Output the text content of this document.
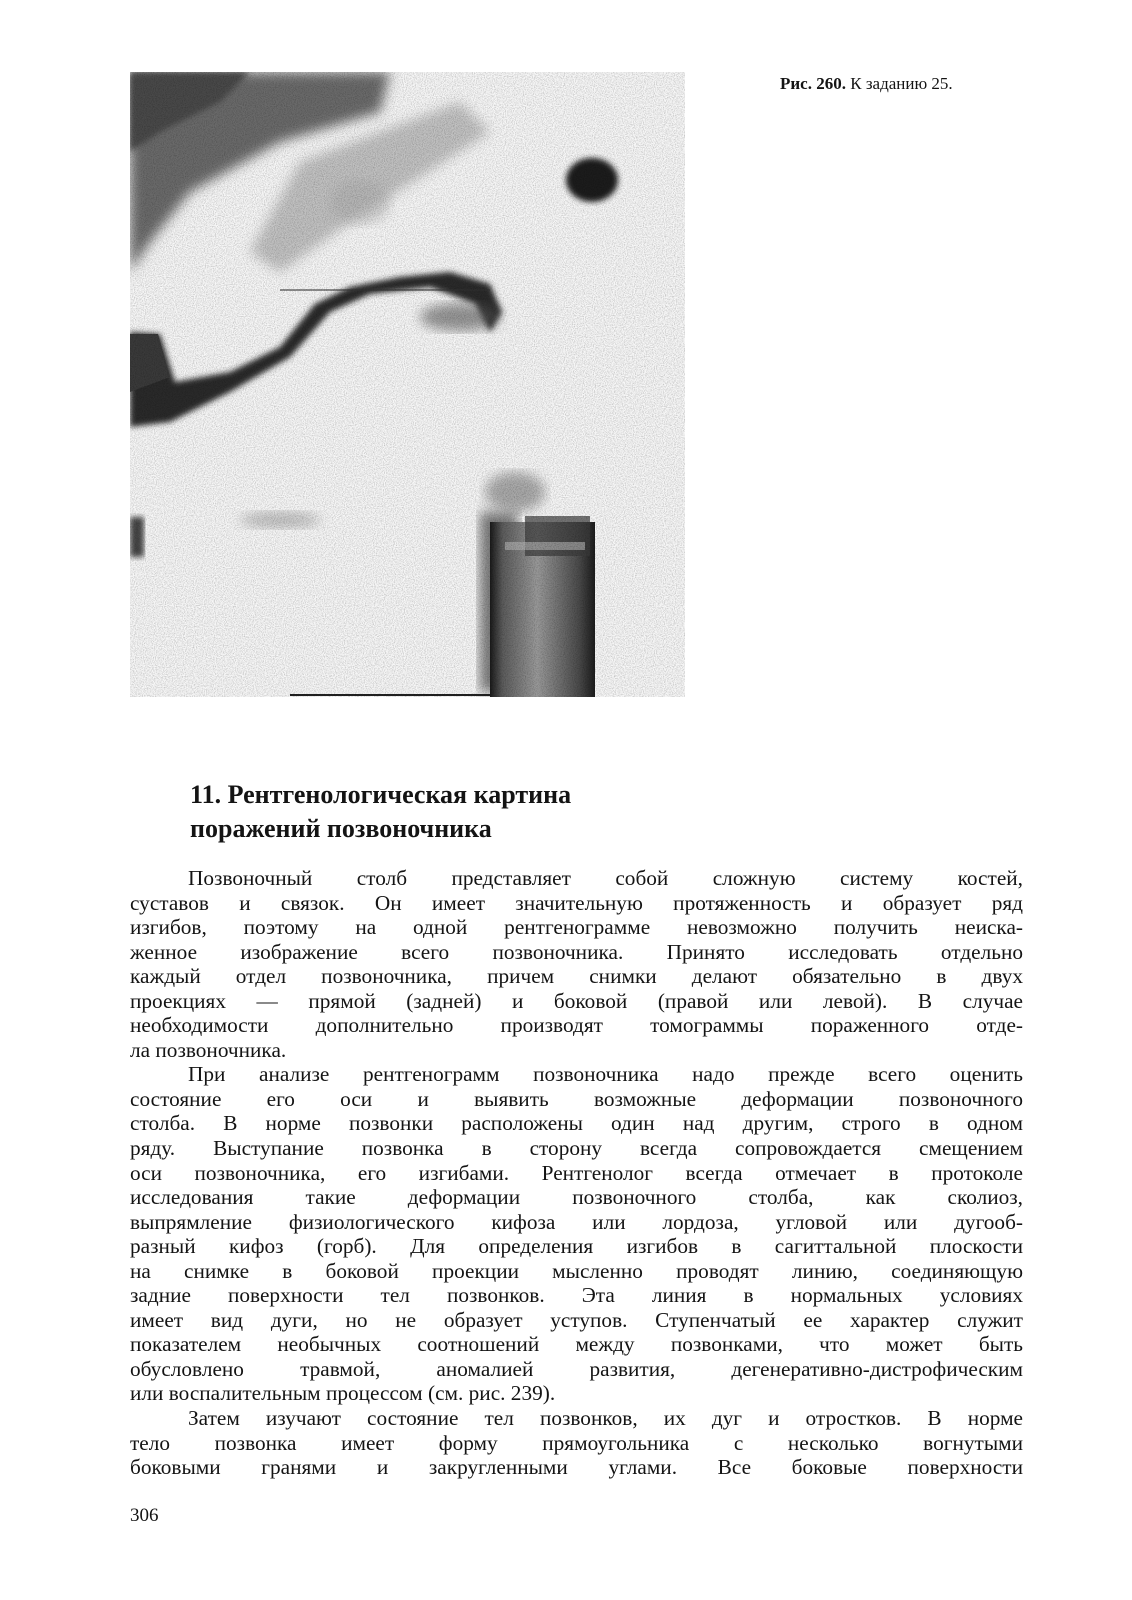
Рис. 260. К заданию 25.
11. Рентгенологическая картина
поражений позвоночника
Позвоночный столб представляет собой сложную систему костей,
суставов и связок. Он имеет значительную протяженность и образует ряд
изгибов, поэтому на одной рентгенограмме невозможно получить неиска-
женное изображение всего позвоночника. Принято исследовать отдельно
каждый отдел позвоночника, причем снимки делают обязательно в двух
проекциях — прямой (задней) и боковой (правой или левой). В случае
необходимости дополнительно производят томограммы пораженного отде-
ла позвоночника.
При анализе рентгенограмм позвоночника надо прежде всего оценить
состояние его оси и выявить возможные деформации позвоночного
столба. В норме позвонки расположены один над другим, строго в одном
ряду. Выступание позвонка в сторону всегда сопровождается смещением
оси позвоночника, его изгибами. Рентгенолог всегда отмечает в протоколе
исследования такие деформации позвоночного столба, как сколиоз,
выпрямление физиологического кифоза или лордоза, угловой или дугооб-
разный кифоз (горб). Для определения изгибов в сагиттальной плоскости
на снимке в боковой проекции мысленно проводят линию, соединяющую
задние поверхности тел позвонков. Эта линия в нормальных условиях
имеет вид дуги, но не образует уступов. Ступенчатый ее характер служит
показателем необычных соотношений между позвонками, что может быть
обусловлено травмой, аномалией развития, дегенеративно-дистрофическим
или воспалительным процессом (см. рис. 239).
Затем изучают состояние тел позвонков, их дуг и отростков. В норме
тело позвонка имеет форму прямоугольника с несколько вогнутыми
боковыми гранями и закругленными углами. Все боковые поверхности
306
